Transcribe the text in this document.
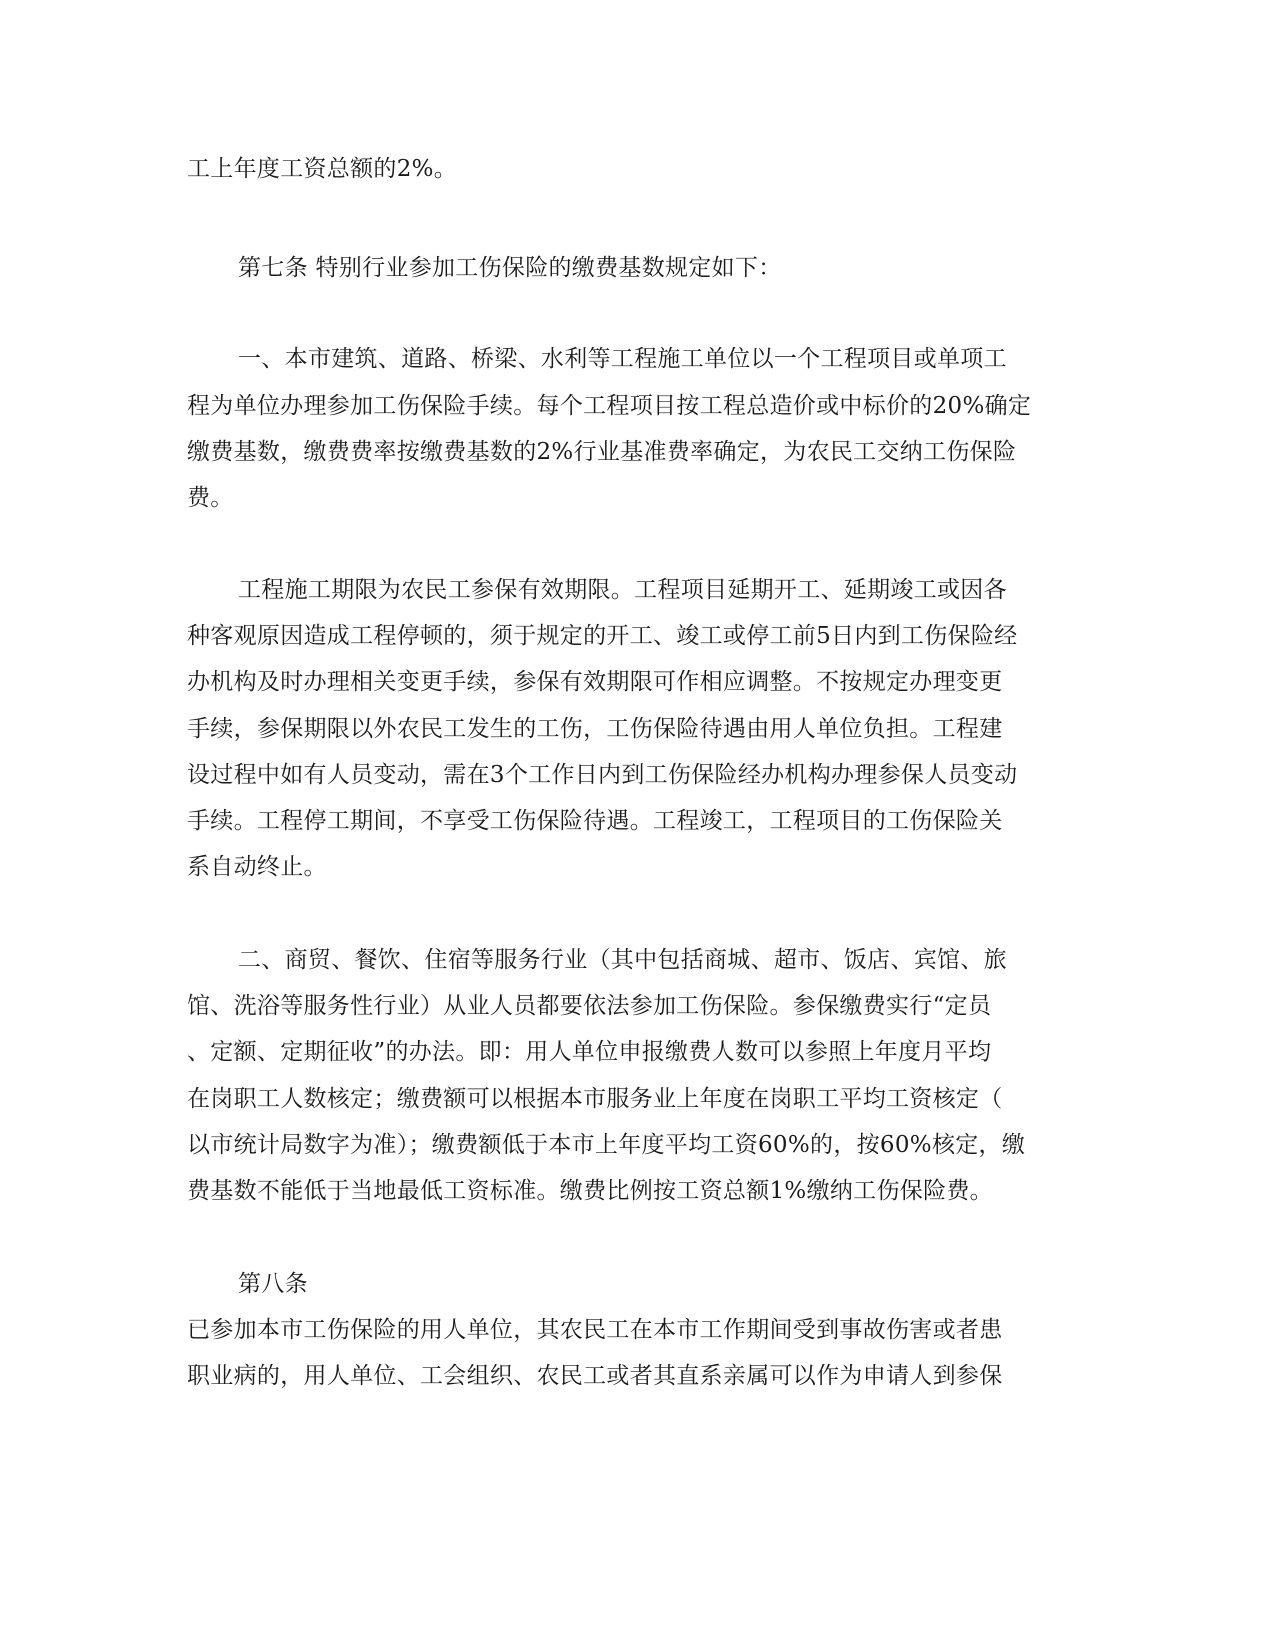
工上年度工资总额的2%。
第七条 特别行业参加工伤保险的缴费基数规定如下：
一、本市建筑、道路、桥梁、水利等工程施工单位以一个工程项目或单项工
程为单位办理参加工伤保险手续。每个工程项目按工程总造价或中标价的20%确定
缴费基数，缴费费率按缴费基数的2%行业基准费率确定，为农民工交纳工伤保险
费。
工程施工期限为农民工参保有效期限。工程项目延期开工、延期竣工或因各
种客观原因造成工程停顿的，须于规定的开工、竣工或停工前5日内到工伤保险经
办机构及时办理相关变更手续，参保有效期限可作相应调整。不按规定办理变更
手续，参保期限以外农民工发生的工伤，工伤保险待遇由用人单位负担。工程建
设过程中如有人员变动，需在3个工作日内到工伤保险经办机构办理参保人员变动
手续。工程停工期间，不享受工伤保险待遇。工程竣工，工程项目的工伤保险关
系自动终止。
二、商贸、餐饮、住宿等服务行业（其中包括商城、超市、饭店、宾馆、旅
馆、洗浴等服务性行业）从业人员都要依法参加工伤保险。参保缴费实行“定员
、定额、定期征收”的办法。即：用人单位申报缴费人数可以参照上年度月平均
在岗职工人数核定；缴费额可以根据本市服务业上年度在岗职工平均工资核定（
以市统计局数字为准）；缴费额低于本市上年度平均工资60%的，按60%核定，缴
费基数不能低于当地最低工资标准。缴费比例按工资总额1%缴纳工伤保险费。
第八条
已参加本市工伤保险的用人单位，其农民工在本市工作期间受到事故伤害或者患
职业病的，用人单位、工会组织、农民工或者其直系亲属可以作为申请人到参保
